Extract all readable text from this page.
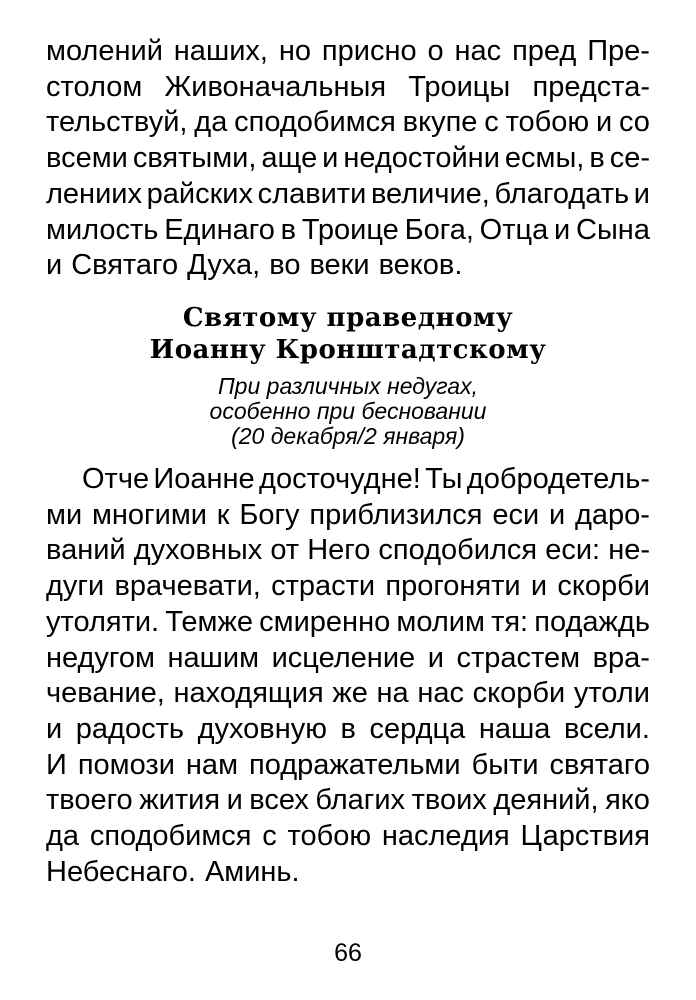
молений наших, но присно о нас пред Пре-
столом Живоначальныя Троицы предста-
тельствуй, да сподобимся вкупе с тобою и со
всеми святыми, аще и недостойни есмы, в се-
лениих райских славити величие, благодать и
милость Единаго в Троице Бога, Отца и Сына
и Святаго Духа, во веки веков.
Святому праведному
Иоанну Кронштадтскому
При различных недугах,
особенно при бесновании
(20 декабря/2 января)
Отче Иоанне досточудне! Ты добродетель-
ми многими к Богу приблизился еси и даро-
ваний духовных от Него сподобился еси: не-
дуги врачевати, страсти прогоняти и скорби
утоляти. Темже смиренно молим тя: подаждь
недугом нашим исцеление и страстем вра-
чевание, находящия же на нас скорби утоли
и радость духовную в сердца наша всели.
И помози нам подражательми быти святаго
твоего жития и всех благих твоих деяний, яко
да сподобимся с тобою наследия Царствия
Небеснаго. Аминь.
66
